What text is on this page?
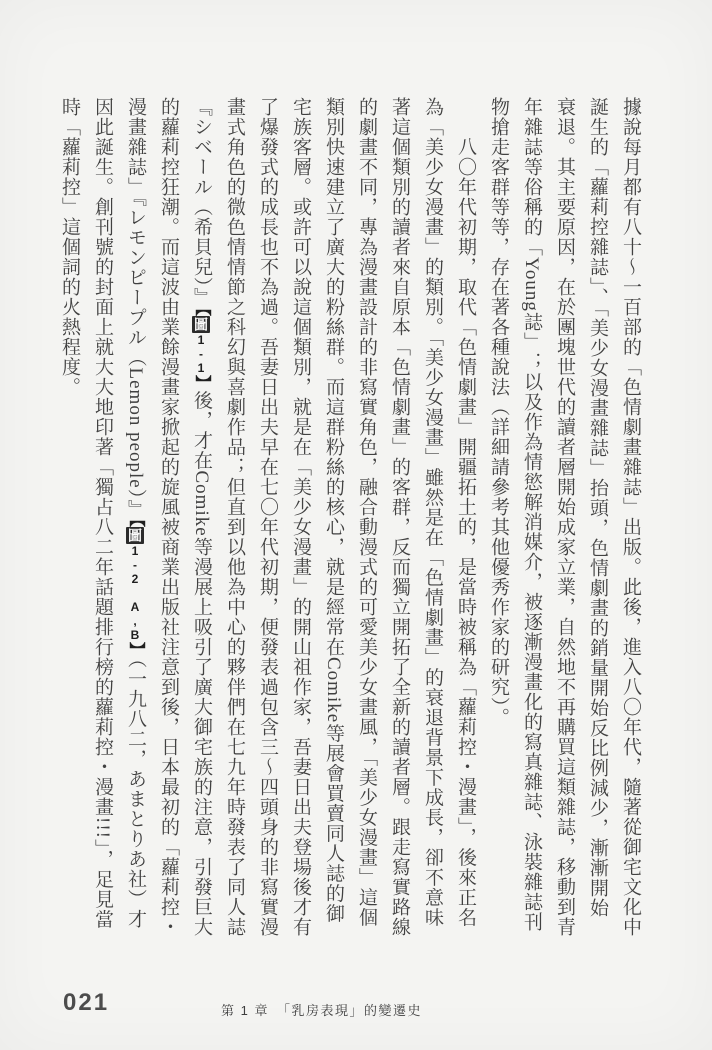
據說每月都有八十～一百部的「色情劇畫雜誌」出版。此後，進入八〇年代，隨著從御宅文化中
誕生的「蘿莉控雜誌」、「美少女漫畫雜誌」抬頭，色情劇畫的銷量開始反比例減少，漸漸開始
衰退。其主要原因，在於團塊世代的讀者層開始成家立業，自然地不再購買這類雜誌，移動到青
年雜誌等俗稱的「Young誌」；以及作為情慾解消媒介，被逐漸漫畫化的寫真雜誌、泳裝雜誌刊
物搶走客群等等，存在著各種說法（詳細請參考其他優秀作家的研究）。
八〇年代初期，取代「色情劇畫」開疆拓土的，是當時被稱為「蘿莉控・漫畫」，後來正名
為「美少女漫畫」的類別。「美少女漫畫」雖然是在「色情劇畫」的衰退背景下成長，卻不意味
著這個類別的讀者來自原本「色情劇畫」的客群，反而獨立開拓了全新的讀者層。跟走寫實路線
的劇畫不同，專為漫畫設計的非寫實角色，融合動漫式的可愛美少女畫風，「美少女漫畫」這個
類別快速建立了廣大的粉絲群。而這群粉絲的核心，就是經常在Comike等展會買賣同人誌的御
宅族客層。或許可以說這個類別，就是在「美少女漫畫」的開山祖作家，吾妻日出夫登場後才有
了爆發式的成長也不為過。吾妻日出夫早在七〇年代初期，便發表過包含三～四頭身的非寫實漫
畫式角色的微色情情節之科幻與喜劇作品；但直到以他為中心的夥伴們在七九年時發表了同人誌
『シベール（希貝兒）』【圖1-1】後，才在Comike等漫展上吸引了廣大御宅族的注意，引發巨大
的蘿莉控狂潮。而這波由業餘漫畫家掀起的旋風被商業出版社注意到後，日本最初的「蘿莉控・
漫畫雜誌」『レモンピープル（Lemon people）』【圖1-2 A,B】（一九八二，あまとりあ社）才
因此誕生。創刊號的封面上就大大地印著「獨占八二年話題排行榜的蘿莉控・漫畫!!!」，足見當
時「蘿莉控」這個詞的火熱程度。
021	第 1 章　「乳房表現」的變遷史
